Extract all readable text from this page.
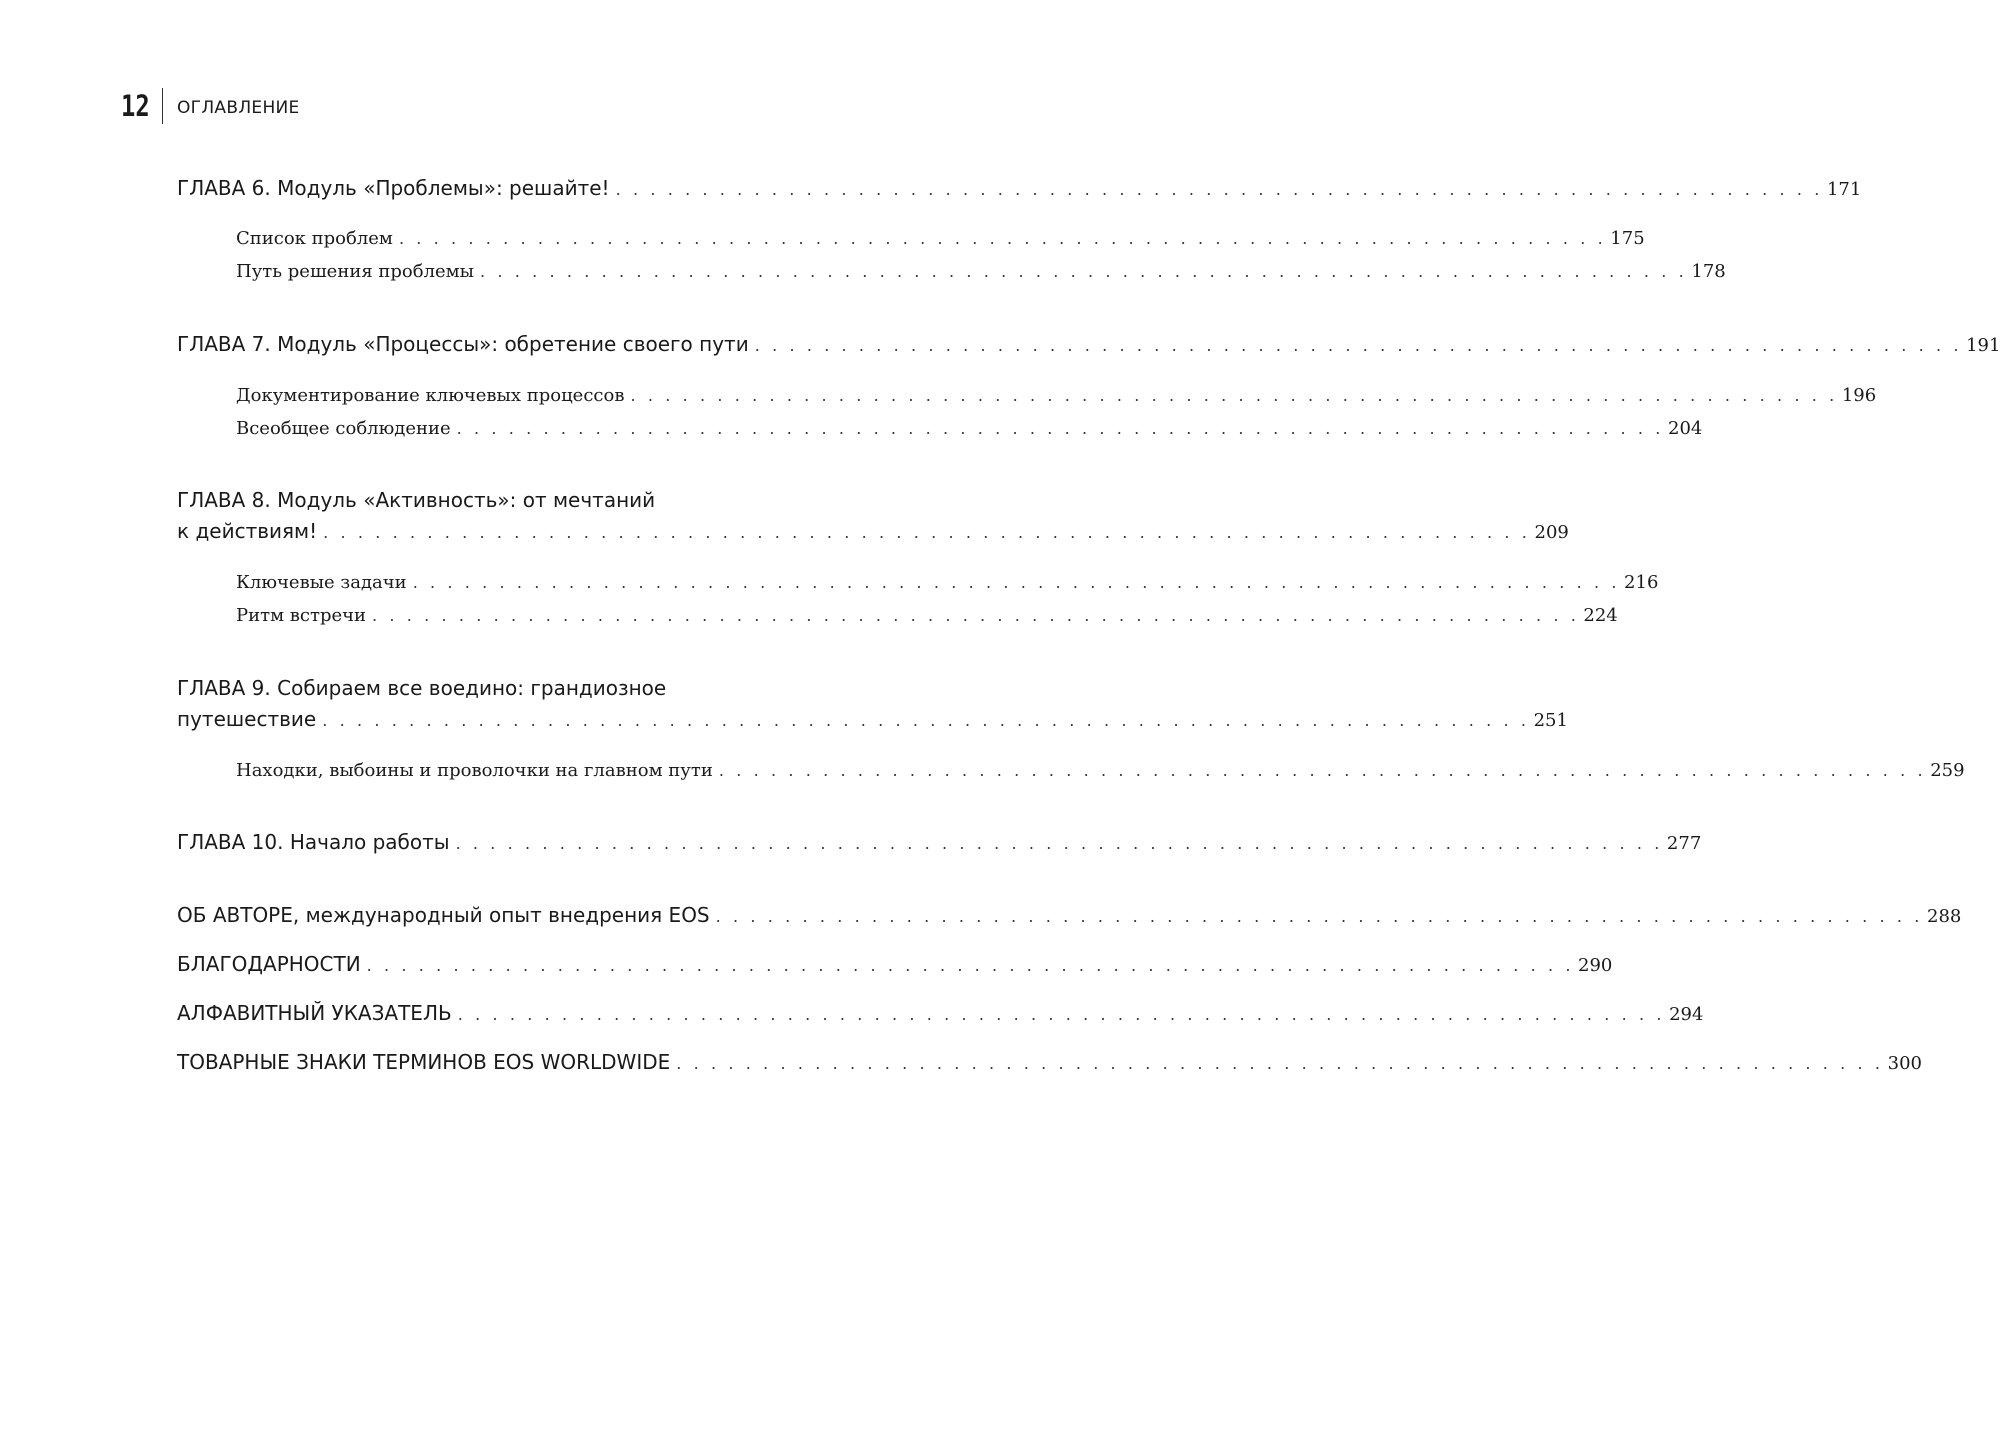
12 ОГЛАВЛЕНИЕ
ГЛАВА 6. Модуль «Проблемы»: решайте! . . . . . . . . . . . . . . . . . . . . . . . . . . . . . . . . . . . . . . . . . . . . . . . . . . . . . . . . . . . . . . . . . . . . . . 171
Список проблем . . . . . . . . . . . . . . . . . . . . . . . . . . . . . . . . . . . . . . . . . . . . . . . . . . . . . . . . . . . . . . . . . . . . . . 175
Путь решения проблемы . . . . . . . . . . . . . . . . . . . . . . . . . . . . . . . . . . . . . . . . . . . . . . . . . . . . . . . . . . . . . . . . . . . . . . 178
ГЛАВА 7. Модуль «Процессы»: обретение своего пути . . . . . . . . . . . . . . . . . . . . . . . . . . . . . . . . . . . . . . . . . . . . . . . . . . . . . . . . . . . . . . . . . . . . . . 191
Документирование ключевых процессов . . . . . . . . . . . . . . . . . . . . . . . . . . . . . . . . . . . . . . . . . . . . . . . . . . . . . . . . . . . . . . . . . . . . . . 196
Всеобщее соблюдение . . . . . . . . . . . . . . . . . . . . . . . . . . . . . . . . . . . . . . . . . . . . . . . . . . . . . . . . . . . . . . . . . . . . . . 204
ГЛАВА 8. Модуль «Активность»: от мечтаний
к действиям! . . . . . . . . . . . . . . . . . . . . . . . . . . . . . . . . . . . . . . . . . . . . . . . . . . . . . . . . . . . . . . . . . . . . . . 209
Ключевые задачи . . . . . . . . . . . . . . . . . . . . . . . . . . . . . . . . . . . . . . . . . . . . . . . . . . . . . . . . . . . . . . . . . . . . . . 216
Ритм встречи . . . . . . . . . . . . . . . . . . . . . . . . . . . . . . . . . . . . . . . . . . . . . . . . . . . . . . . . . . . . . . . . . . . . . . 224
ГЛАВА 9. Собираем все воедино: грандиозное
путешествие . . . . . . . . . . . . . . . . . . . . . . . . . . . . . . . . . . . . . . . . . . . . . . . . . . . . . . . . . . . . . . . . . . . . . . 251
Находки, выбоины и проволочки на главном пути . . . . . . . . . . . . . . . . . . . . . . . . . . . . . . . . . . . . . . . . . . . . . . . . . . . . . . . . . . . . . . . . . . . . . . 259
ГЛАВА 10. Начало работы . . . . . . . . . . . . . . . . . . . . . . . . . . . . . . . . . . . . . . . . . . . . . . . . . . . . . . . . . . . . . . . . . . . . . . 277
ОБ АВТОРЕ, международный опыт внедрения EOS . . . . . . . . . . . . . . . . . . . . . . . . . . . . . . . . . . . . . . . . . . . . . . . . . . . . . . . . . . . . . . . . . . . . . . 288
БЛАГОДАРНОСТИ . . . . . . . . . . . . . . . . . . . . . . . . . . . . . . . . . . . . . . . . . . . . . . . . . . . . . . . . . . . . . . . . . . . . . . 290
АЛФАВИТНЫЙ УКАЗАТЕЛЬ . . . . . . . . . . . . . . . . . . . . . . . . . . . . . . . . . . . . . . . . . . . . . . . . . . . . . . . . . . . . . . . . . . . . . . 294
ТОВАРНЫЕ ЗНАКИ ТЕРМИНОВ EOS WORLDWIDE . . . . . . . . . . . . . . . . . . . . . . . . . . . . . . . . . . . . . . . . . . . . . . . . . . . . . . . . . . . . . . . . . . . . . . 300
